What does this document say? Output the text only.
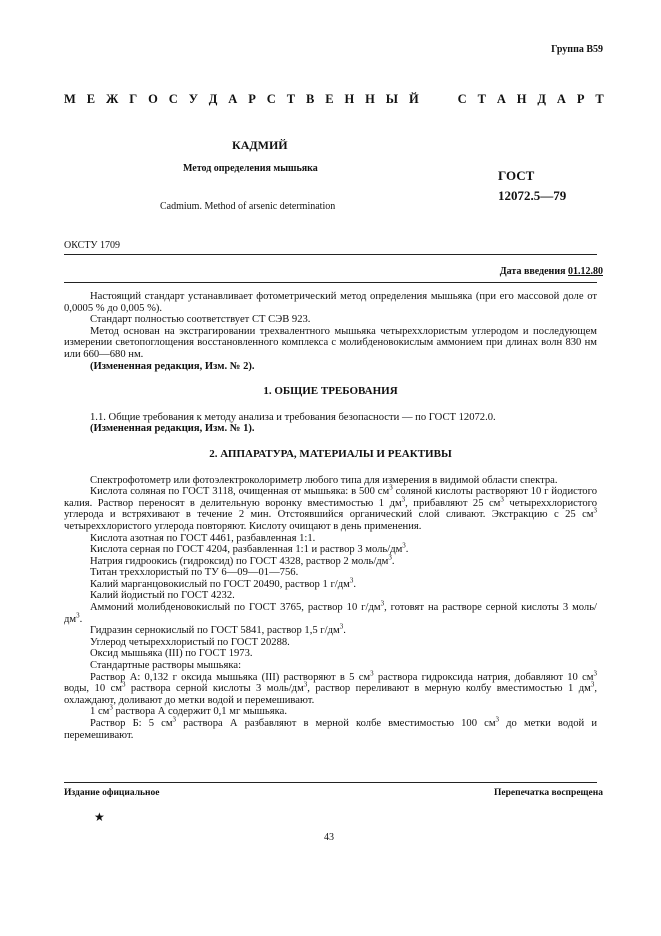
Группа В59
М Е Ж Г О С У Д А Р С Т В Е Н Н Ы Й

	С Т А Н Д А Р Т
КАДМИЙ
Метод определения мышьяка	ГОСТ
12072.5—79
Cadmium. Method of arsenic determination
ОКСТУ 1709
Дата введения 01.12.80

Настоящий стандарт устанавливает фотометрический метод определения мышьяка (при его массовой доле от 0,0005 % до 0,005 %).

Стандарт полностью соответствует СТ СЭВ 923.

Метод основан на экстрагировании трехвалентного мышьяка четыреххлористым углеродом и последующем измерении светопоглощения восстановленного комплекса с молибденовокислым аммонием при длинах волн 830 нм или 660—680 нм.

(Измененная редакция, Изм. № 2).

1. ОБЩИЕ ТРЕБОВАНИЯ

1.1. Общие требования к методу анализа и требования безопасности — по ГОСТ 12072.0.

(Измененная редакция, Изм. № 1).

2. АППАРАТУРА, МАТЕРИАЛЫ И РЕАКТИВЫ

Спектрофотометр или фотоэлектроколориметр любого типа для измерения в видимой области спектра.

Кислота соляная по ГОСТ 3118, очищенная от мышьяка: в 500 $см^3$ соляной кислоты растворяют 10 г йодистого калия. Раствор переносят в делительную воронку вместимостью 1 $дм^3$, прибавляют 25 $см^3$ четыреххлористого углерода и встряхивают в течение 2 мин. Отстоявшийся органический слой сливают. Экстракцию с 25 $см^3$ четыреххлористого углерода повторяют. Кислоту очищают в день применения.

Кислота азотная по ГОСТ 4461, разбавленная 1:1.

Кислота серная по ГОСТ 4204, разбавленная 1:1 и раствор 3 моль/$дм^3$.

Натрия гидроокись (гидроксид) по ГОСТ 4328, раствор 2 моль/$дм^3$.

Титан треххлористый по ТУ 6—09—01—756.

Калий марганцовокислый по ГОСТ 20490, раствор 1 $г/дм^3$.

Калий йодистый по ГОСТ 4232.

Аммоний молибденовокислый по ГОСТ 3765, раствор 10 $г/дм^3$, готовят на растворе серной кислоты 3 моль/$дм^3$.

Гидразин сернокислый по ГОСТ 5841, раствор 1,5 $г/дм^3$.

Углерод четыреххлористый по ГОСТ 20288.

Оксид мышьяка (III) по ГОСТ 1973.

Стандартные растворы мышьяка:

Раствор А: 0,132 г оксида мышьяка (III) растворяют в 5 $см^3$ раствора гидроксида натрия, добавляют 10 $см^3$ воды, 10 $см^3$ раствора серной кислоты 3 моль/$дм^3$, раствор переливают в мерную колбу вместимостью 1 $дм^3$, охлаждают, доливают до метки водой и перемешивают.

1 $см^3$ раствора А содержит 0,1 мг мышьяка.

Раствор Б: 5 $см^3$ раствора А разбавляют в мерной колбе вместимостью 100 $см^3$ до метки водой и перемешивают.

Издание официальное	Перепечатка воспрещена
★
43
